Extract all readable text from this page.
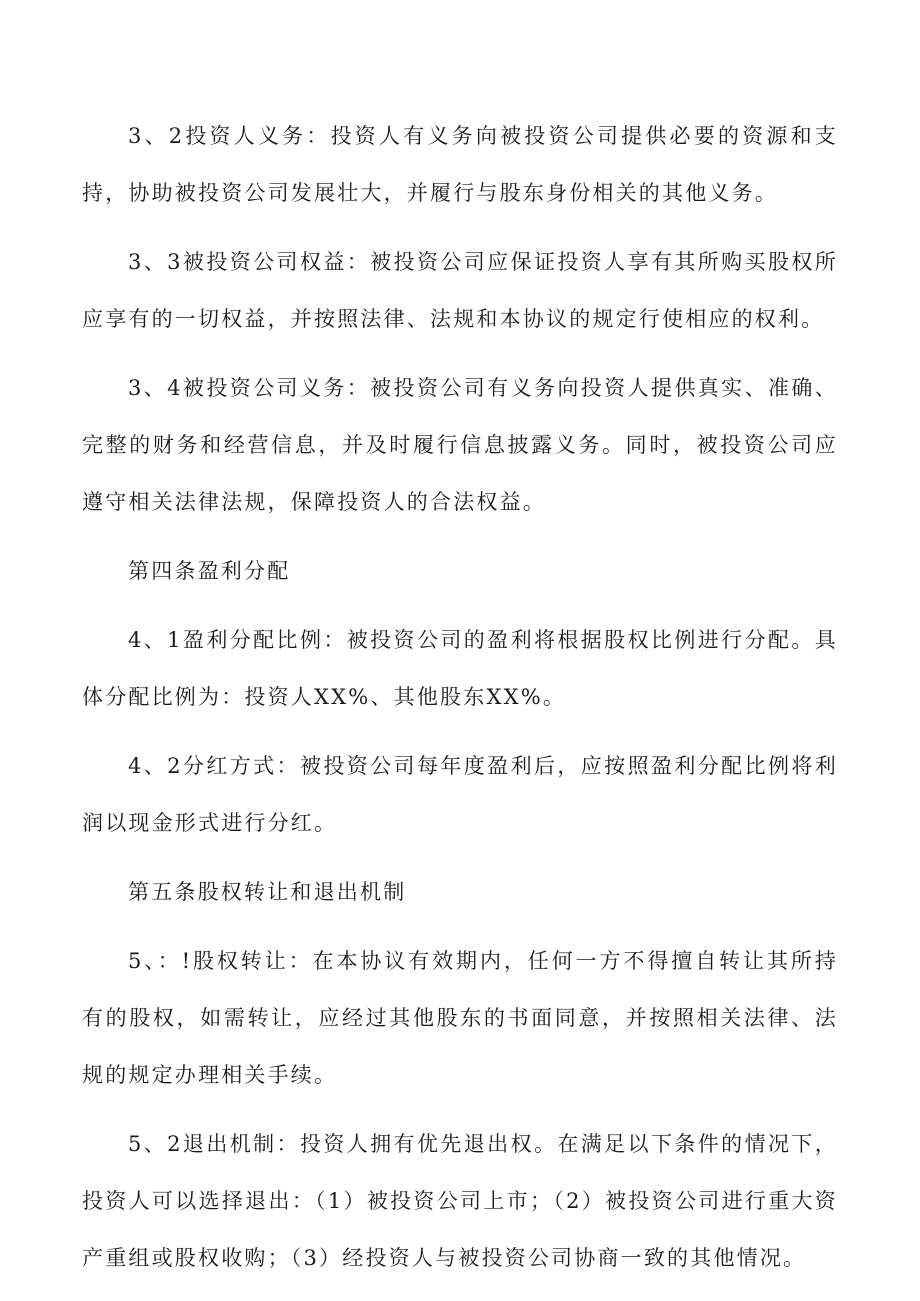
3、2投资人义务：投资人有义务向被投资公司提供必要的资源和支持，协助被投资公司发展壮大，并履行与股东身份相关的其他义务。

3、3被投资公司权益：被投资公司应保证投资人享有其所购买股权所应享有的一切权益，并按照法律、法规和本协议的规定行使相应的权利。

3、4被投资公司义务：被投资公司有义务向投资人提供真实、准确、完整的财务和经营信息，并及时履行信息披露义务。同时，被投资公司应遵守相关法律法规，保障投资人的合法权益。

第四条盈利分配

4、1盈利分配比例：被投资公司的盈利将根据股权比例进行分配。具体分配比例为：投资人XX%、其他股东XX%。

4、2分红方式：被投资公司每年度盈利后，应按照盈利分配比例将利润以现金形式进行分红。

第五条股权转让和退出机制

5、：!股权转让：在本协议有效期内，任何一方不得擅自转让其所持有的股权，如需转让，应经过其他股东的书面同意，并按照相关法律、法规的规定办理相关手续。

5、2退出机制：投资人拥有优先退出权。在满足以下条件的情况下，投资人可以选择退出：（1）被投资公司上市；（2）被投资公司进行重大资产重组或股权收购；（3）经投资人与被投资公司协商一致的其他情况。
